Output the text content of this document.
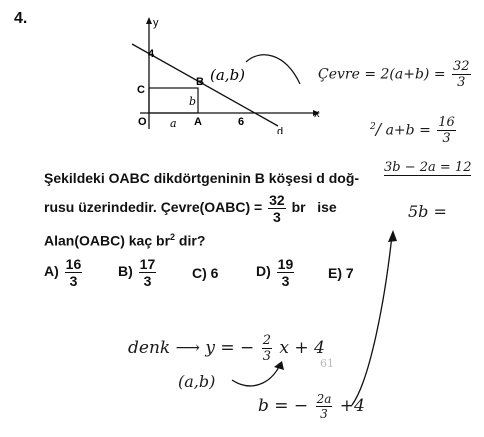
4.	y
x
d
4
6
O	A
B
C
a
b
(a,b)	Çevre = $2(a+b) = \frac{32}{3}$
$^2$/ $a+b = \frac{16}{3}$
3b − 2a = 12
5b =
Şekildeki OABC dikdörtgeninin B köşesi d doğ-
rusu üzerindedir. Çevre(OABC) = $\frac{32}{3}$ br   ise
Alan(OABC) kaç $br^2$ dir?
$A) \frac{16}{3}$	$B) \frac{17}{3}$	C) 6	$D) \frac{19}{3} E$) 7
denk ⟶ y = − $\frac{2}{3}$ x + 4
61
(a,b)
b = − $\frac{2a}{3} +4$
